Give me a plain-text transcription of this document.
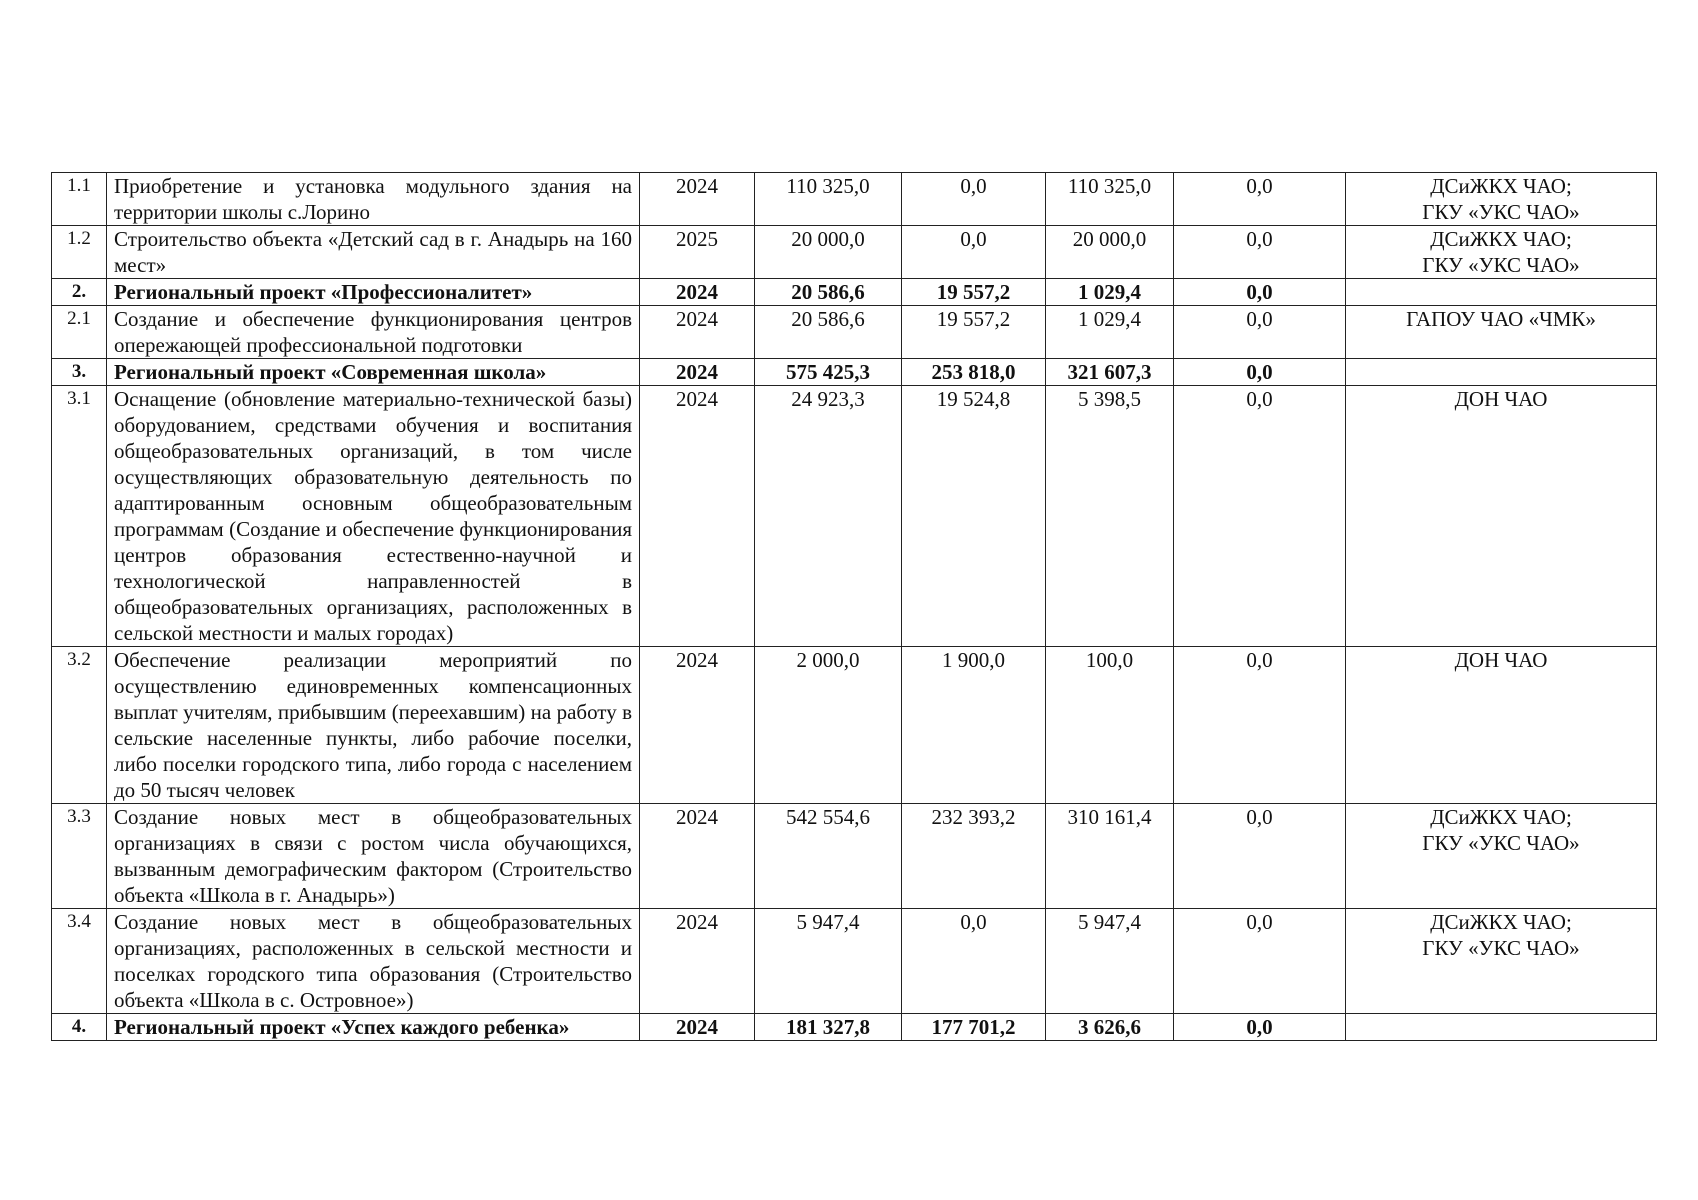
1.1	Приобретение и установка модульного здания на территории школы с.Лорино	2024	110 325,0	0,0	110 325,0	0,0	ДСиЖКХ ЧАО;
ГКУ «УКС ЧАО»

1.2	Строительство объекта «Детский сад в г. Анадырь на 160 мест»	2025	20 000,0	0,0	20 000,0	0,0	ДСиЖКХ ЧАО;
ГКУ «УКС ЧАО»

2.	Региональный проект «Профессионалитет»	2024	20 586,6	19 557,2	1 029,4	0,0	
2.1	Создание и обеспечение функционирования центров опережающей профессиональной подготовки	2024	20 586,6	19 557,2	1 029,4	0,0	ГАПОУ ЧАО «ЧМК»

3.	Региональный проект «Современная школа»	2024	575 425,3	253 818,0	321 607,3	0,0	
3.1	Оснащение (обновление материально-технической базы) оборудованием, средствами обучения и воспитания общеобразовательных организаций, в том числе осуществляющих образовательную деятельность по адаптированным основным общеобразовательным программам (Создание и обеспечение функционирования центров образования естественно-научной и технологической направленностей в общеобразовательных организациях, расположенных в сельской местности и малых городах)	2024	24 923,3	19 524,8	5 398,5	0,0	ДОН ЧАО

3.2	Обеспечение реализации мероприятий по осуществлению единовременных компенсационных выплат учителям, прибывшим (переехавшим) на работу в сельские населенные пункты, либо рабочие поселки, либо поселки городского типа, либо города с населением до 50 тысяч человек	2024	2 000,0	1 900,0	100,0	0,0	ДОН ЧАО

3.3	Создание новых мест в общеобразовательных организациях в связи с ростом числа обучающихся, вызванным демографическим фактором (Строительство объекта «Школа в г. Анадырь»)	2024	542 554,6	232 393,2	310 161,4	0,0	ДСиЖКХ ЧАО;
ГКУ «УКС ЧАО»

3.4	Создание новых мест в общеобразовательных организациях, расположенных в сельской местности и поселках городского типа образования (Строительство объекта «Школа в с. Островное»)	2024	5 947,4	0,0	5 947,4	0,0	ДСиЖКХ ЧАО;
ГКУ «УКС ЧАО»

4.	Региональный проект «Успех каждого ребенка»	2024	181 327,8	177 701,2	3 626,6	0,0	
